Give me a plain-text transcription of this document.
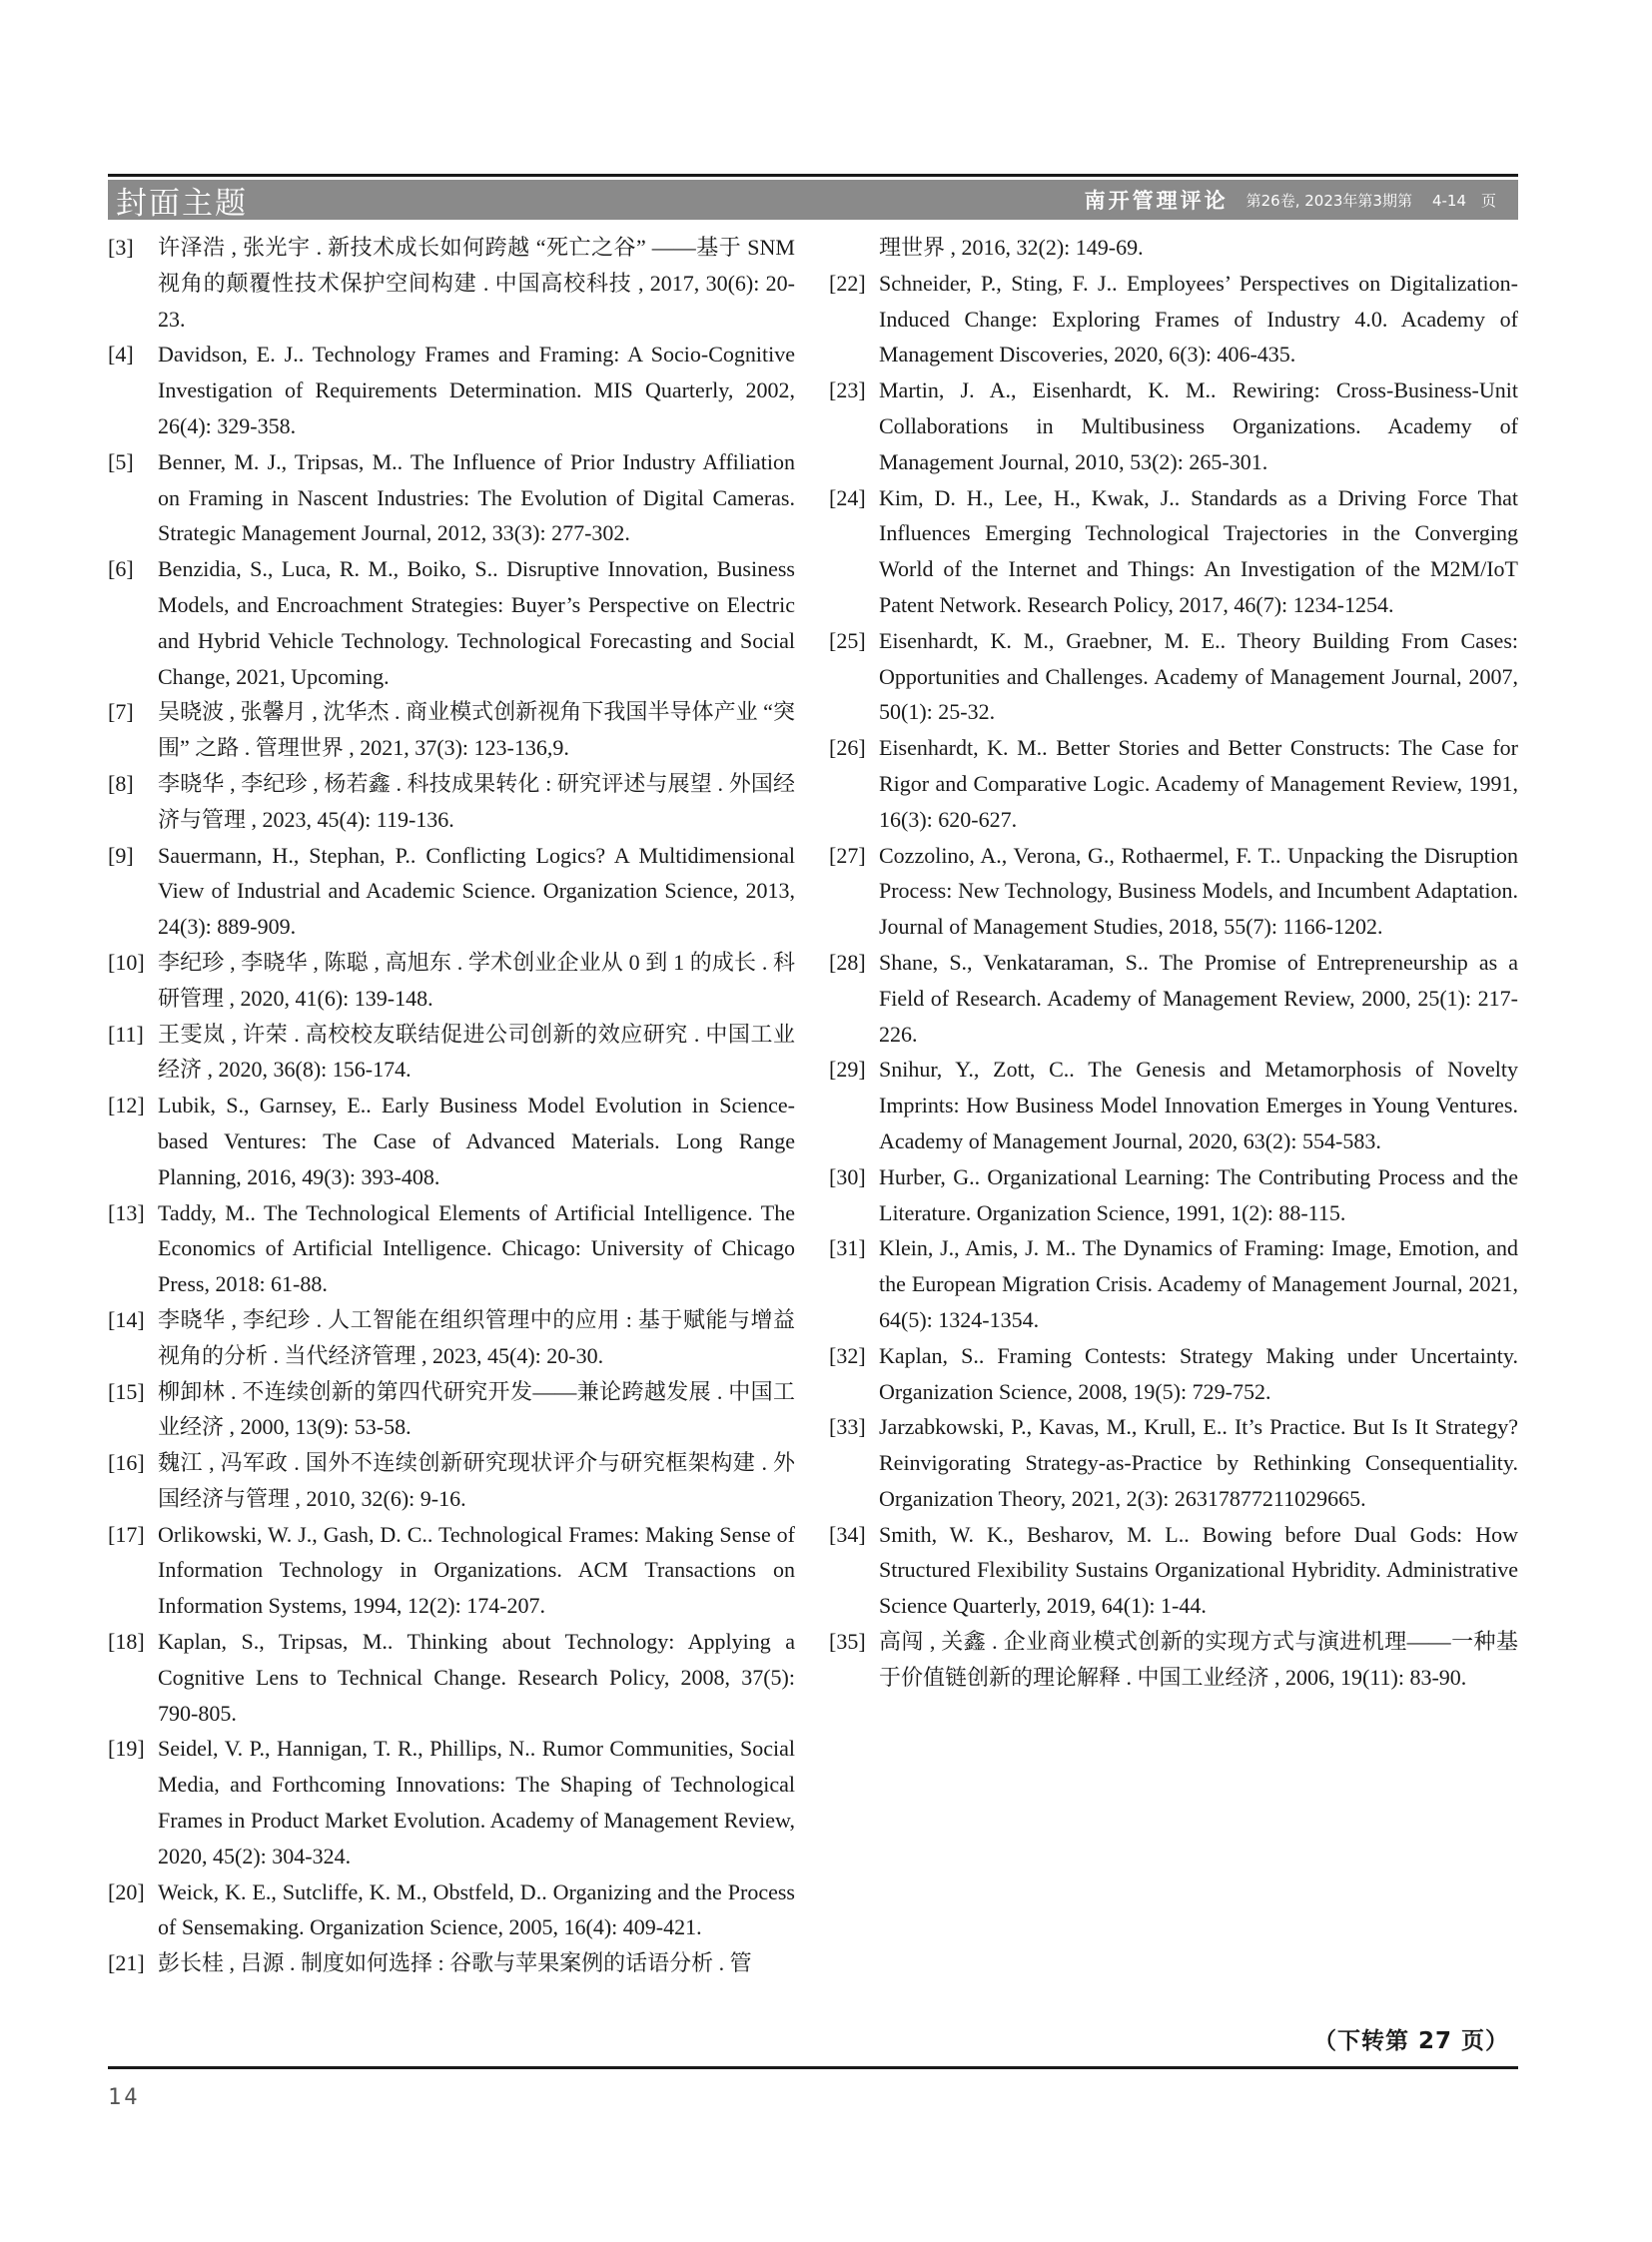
封面主题	南开管理评论 第26卷, 2023年第3期第 4-14　页
[3]	许泽浩 , 张光宇 . 新技术成长如何跨越 “死亡之谷” ——基于 SNM 视角的颠覆性技术保护空间构建 . 中国高校科技 , 2017, 30(6): 20-23.
[4]	Davidson, E. J.. Technology Frames and Framing: A Socio-Cognitive Investigation of Requirements Determination. MIS Quarterly, 2002, 26(4): 329-358.
[5]	Benner, M. J., Tripsas, M.. The Influence of Prior Industry Affiliation on Framing in Nascent Industries: The Evolution of Digital Cameras. Strategic Management Journal, 2012, 33(3): 277-302.
[6]	Benzidia, S., Luca, R. M., Boiko, S.. Disruptive Innovation, Business Models, and Encroachment Strategies: Buyer’s Perspective on Electric and Hybrid Vehicle Technology. Technological Forecasting and Social Change, 2021, Upcoming.
[7]	吴晓波 , 张馨月 , 沈华杰 . 商业模式创新视角下我国半导体产业 “突围” 之路 . 管理世界 , 2021, 37(3): 123-136,9.
[8]	李晓华 , 李纪珍 , 杨若鑫 . 科技成果转化 : 研究评述与展望 . 外国经济与管理 , 2023, 45(4): 119-136.
[9]	Sauermann, H., Stephan, P.. Conflicting Logics? A Multidimensional View of Industrial and Academic Science. Organization Science, 2013, 24(3): 889-909.
[10] 李纪珍 , 李晓华 , 陈聪 , 高旭东 . 学术创业企业从 0 到 1 的成长 . 科研管理 , 2020, 41(6): 139-148.
[11] 王雯岚 , 许荣 . 高校校友联结促进公司创新的效应研究 . 中国工业经济 , 2020, 36(8): 156-174.
[12] Lubik, S., Garnsey, E.. Early Business Model Evolution in Science-based Ventures: The Case of Advanced Materials. Long Range Planning, 2016, 49(3): 393-408.
[13] Taddy, M.. The Technological Elements of Artificial Intelligence. The Economics of Artificial Intelligence. Chicago: University of Chicago Press, 2018: 61-88.
[14] 李晓华 , 李纪珍 . 人工智能在组织管理中的应用 : 基于赋能与增益视角的分析 . 当代经济管理 , 2023, 45(4): 20-30.
[15] 柳卸林 . 不连续创新的第四代研究开发——兼论跨越发展 . 中国工业经济 , 2000, 13(9): 53-58.
[16] 魏江 , 冯军政 . 国外不连续创新研究现状评介与研究框架构建 . 外国经济与管理 , 2010, 32(6): 9-16.
[17] Orlikowski, W. J., Gash, D. C.. Technological Frames: Making Sense of Information Technology in Organizations. ACM Transactions on Information Systems, 1994, 12(2): 174-207.
[18] Kaplan, S., Tripsas, M.. Thinking about Technology: Applying a Cognitive Lens to Technical Change. Research Policy, 2008, 37(5): 790-805.
[19] Seidel, V. P., Hannigan, T. R., Phillips, N.. Rumor Communities, Social Media, and Forthcoming Innovations: The Shaping of Technological Frames in Product Market Evolution. Academy of Management Review, 2020, 45(2): 304-324.
[20] Weick, K. E., Sutcliffe, K. M., Obstfeld, D.. Organizing and the Process of Sensemaking. Organization Science, 2005, 16(4): 409-421.
[21] 彭长桂 , 吕源 . 制度如何选择 : 谷歌与苹果案例的话语分析 . 管
理世界 , 2016, 32(2): 149-69.
[22] Schneider, P., Sting, F. J.. Employees’ Perspectives on Digitalization-Induced Change: Exploring Frames of Industry 4.0. Academy of Management Discoveries, 2020, 6(3): 406-435.
[23] Martin, J. A., Eisenhardt, K. M.. Rewiring: Cross-Business-Unit Collaborations in Multibusiness Organizations. Academy of Management Journal, 2010, 53(2): 265-301.
[24] Kim, D. H., Lee, H., Kwak, J.. Standards as a Driving Force That Influences Emerging Technological Trajectories in the Converging World of the Internet and Things: An Investigation of the M2M/IoT Patent Network. Research Policy, 2017, 46(7): 1234-1254.
[25] Eisenhardt, K. M., Graebner, M. E.. Theory Building From Cases: Opportunities and Challenges. Academy of Management Journal, 2007, 50(1): 25-32.
[26] Eisenhardt, K. M.. Better Stories and Better Constructs: The Case for Rigor and Comparative Logic. Academy of Management Review, 1991, 16(3): 620-627.
[27] Cozzolino, A., Verona, G., Rothaermel, F. T.. Unpacking the Disruption Process: New Technology, Business Models, and Incumbent Adaptation. Journal of Management Studies, 2018, 55(7): 1166-1202.
[28] Shane, S., Venkataraman, S.. The Promise of Entrepreneurship as a Field of Research. Academy of Management Review, 2000, 25(1): 217-226.
[29] Snihur, Y., Zott, C.. The Genesis and Metamorphosis of Novelty Imprints: How Business Model Innovation Emerges in Young Ventures. Academy of Management Journal, 2020, 63(2): 554-583.
[30] Hurber, G.. Organizational Learning: The Contributing Process and the Literature. Organization Science, 1991, 1(2): 88-115.
[31] Klein, J., Amis, J. M.. The Dynamics of Framing: Image, Emotion, and the European Migration Crisis. Academy of Management Journal, 2021, 64(5): 1324-1354.
[32] Kaplan, S.. Framing Contests: Strategy Making under Uncertainty. Organization Science, 2008, 19(5): 729-752.
[33] Jarzabkowski, P., Kavas, M., Krull, E.. It’s Practice. But Is It Strategy? Reinvigorating Strategy-as-Practice by Rethinking Consequentiality. Organization Theory, 2021, 2(3): 26317877211029665.
[34] Smith, W. K., Besharov, M. L.. Bowing before Dual Gods: How Structured Flexibility Sustains Organizational Hybridity. Administrative Science Quarterly, 2019, 64(1): 1-44.
[35] 高闯 , 关鑫 . 企业商业模式创新的实现方式与演进机理——一种基于价值链创新的理论解释 . 中国工业经济 , 2006, 19(11): 83-90.
（下转第 27 页）
14
